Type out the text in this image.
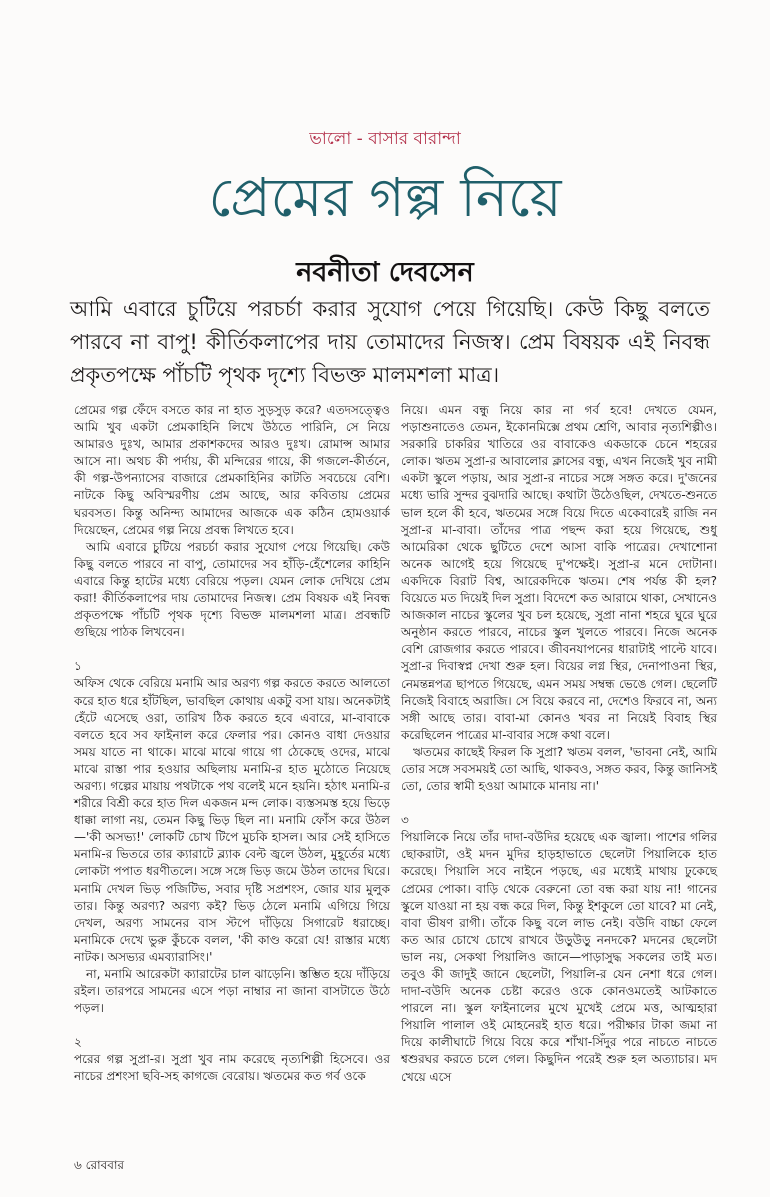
ভালো - বাসার বারান্দা
প্রেমের গল্প নিয়ে
নবনীতা দেবসেন
আমি এবারে চুটিয়ে পরচর্চা করার সুযোগ পেয়ে গিয়েছি। কেউ কিছু বলতে পারবে না বাপু! কীর্তিকলাপের দায় তোমাদের নিজস্ব। প্রেম বিষয়ক এই নিবন্ধ প্রকৃতপক্ষে পাঁচটি পৃথক দৃশ্যে বিভক্ত মালমশলা মাত্র।

প্রেমের গল্প ফেঁদে বসতে কার না হাত সুড়সুড় করে? এতদসত্ত্বেও আমি খুব একটা প্রেমকাহিনি লিখে উঠতে পারিনি, সে নিয়ে আমারও দুঃখ, আমার প্রকাশকদের আরও দুঃখ। রোমান্স আমার আসে না। অথচ কী পর্দায়, কী মন্দিরের গায়ে, কী গজলে-কীর্তনে, কী গল্প-উপন্যাসের বাজারে প্রেমকাহিনির কাটতি সবচেয়ে বেশি। নাটকে কিছু অবিস্মরণীয় প্রেম আছে, আর কবিতায় প্রেমের ঘরবসত। কিন্তু অনিন্দ্য আমাদের আজকে এক কঠিন হোমওয়ার্ক দিয়েছেন, প্রেমের গল্প নিয়ে প্রবন্ধ লিখতে হবে।

আমি এবারে চুটিয়ে পরচর্চা করার সুযোগ পেয়ে গিয়েছি। কেউ কিছু বলতে পারবে না বাপু, তোমাদের সব হাঁড়ি-হেঁশেলের কাহিনি এবারে কিন্তু হাটের মধ্যে বেরিয়ে পড়ল। যেমন লোক দেখিয়ে প্রেম করা! কীর্তিকলাপের দায় তোমাদের নিজস্ব। প্রেম বিষয়ক এই নিবন্ধ প্রকৃতপক্ষে পাঁচটি পৃথক দৃশ্যে বিভক্ত মালমশলা মাত্র। প্রবন্ধটি গুছিয়ে পাঠক লিখবেন।

১

অফিস থেকে বেরিয়ে মনামি আর অরণ্য গল্প করতে করতে আলতো করে হাত ধরে হাঁটছিল, ভাবছিল কোথায় একটু বসা যায়। অনেকটাই হেঁটে এসেছে ওরা, তারিখ ঠিক করতে হবে এবারে, মা-বাবাকে বলতে হবে সব ফাইনাল করে ফেলার পর। কোনও বাধা দেওয়ার সময় যাতে না থাকে। মাঝে মাঝে গায়ে গা ঠেকেছে ওদের, মাঝে মাঝে রাস্তা পার হওয়ার অছিলায় মনামি-র হাত মুঠোতে নিয়েছে অরণ্য। গল্পের মায়ায় পথটাকে পথ বলেই মনে হয়নি। হঠাৎ মনামি-র শরীরে বিশ্রী করে হাত দিল একজন মন্দ লোক। ব্যস্তসমস্ত হয়ে ভিড়ে ধাক্কা লাগা নয়, তেমন কিছু ভিড় ছিল না। মনামি ফোঁস করে উঠল—'কী অসভ্য!' লোকটি চোখ টিপে মুচকি হাসল। আর সেই হাসিতে মনামি-র ভিতরে তার ক্যারাটে ব্ল্যাক বেল্ট জ্বলে উঠল, মুহূর্তের মধ্যে লোকটা পপাত ধরণীতলে। সঙ্গে সঙ্গে ভিড় জমে উঠল তাদের ঘিরে। মনামি দেখল ভিড় পজিটিভ, সবার দৃষ্টি সপ্রশংস, জোর যার মুলুক তার। কিন্তু অরণ্য? অরণ্য কই? ভিড় ঠেলে মনামি এগিয়ে গিয়ে দেখল, অরণ্য সামনের বাস স্টপে দাঁড়িয়ে সিগারেট ধরাচ্ছে। মনামিকে দেখে ভুরু কুঁচকে বলল, 'কী কাণ্ড করো যে! রাস্তার মধ্যে নাটক। অসভ্যর এমব্যারাসিং।'

না, মনামি আরেকটা ক্যারাটের চাল ঝাড়েনি। স্তম্ভিত হয়ে দাঁড়িয়ে রইল। তারপরে সামনের এসে পড়া নাম্বার না জানা বাসটাতে উঠে পড়ল।

২

পরের গল্প সুপ্রা-র। সুপ্রা খুব নাম করেছে নৃত্যশিল্পী হিসেবে। ওর নাচের প্রশংসা ছবি-সহ কাগজে বেরোয়। ঋতমের কত গর্ব ওকে

নিয়ে। এমন বন্ধু নিয়ে কার না গর্ব হবে! দেখতে যেমন, পড়াশুনাতেও তেমন, ইকোনমিক্সে প্রথম শ্রেণি, আবার নৃত্যশিল্পীও। সরকারি চাকরির খাতিরে ওর বাবাকেও একডাকে চেনে শহরের লোক। ঋতম সুপ্রা-র আবালোর ক্লাসের বন্ধু, এখন নিজেই খুব নামী একটা স্কুলে পড়ায়, আর সুপ্রা-র নাচের সঙ্গে সঙ্গত করে। দু'জনের মধ্যে ভারি সুন্দর বুঝদারি আছে। কথাটা উঠেওছিল, দেখতে-শুনতে ভাল হলে কী হবে, ঋতমের সঙ্গে বিয়ে দিতে একেবারেই রাজি নন সুপ্রা-র মা-বাবা। তাঁদের পাত্র পছন্দ করা হয়ে গিয়েছে, শুধু আমেরিকা থেকে ছুটিতে দেশে আসা বাকি পাত্রের। দেখাশোনা অনেক আগেই হয়ে গিয়েছে দু'পক্ষেই। সুপ্রা-র মনে দোটানা। একদিকে বিরাট বিশ্ব, আরেকদিকে ঋতম। শেষ পর্যন্ত কী হল? বিয়েতে মত দিয়েই দিল সুপ্রা। বিদেশে কত আরামে থাকা, সেখানেও আজকাল নাচের স্কুলের খুব চল হয়েছে, সুপ্রা নানা শহরে ঘুরে ঘুরে অনুষ্ঠান করতে পারবে, নাচের স্কুল খুলতে পারবে। নিজে অনেক বেশি রোজগার করতে পারবে। জীবনযাপনের ধারাটাই পাল্টে যাবে। সুপ্রা-র দিবাস্বপ্ন দেখা শুরু হল। বিয়ের লগ্ন স্থির, দেনাপাওনা স্থির, নেমন্তন্নপত্র ছাপতে গিয়েছে, এমন সময় সম্বন্ধ ভেঙে গেল। ছেলেটি নিজেই বিবাহে অরাজি। সে বিয়ে করবে না, দেশেও ফিরবে না, অন্য সঙ্গী আছে তার। বাবা-মা কোনও খবর না নিয়েই বিবাহ স্থির করেছিলেন পাত্রের মা-বাবার সঙ্গে কথা বলে।

ঋতমের কাছেই ফিরল কি সুপ্রা? ঋতম বলল, 'ভাবনা নেই, আমি তোর সঙ্গে সবসময়ই তো আছি, থাকবও, সঙ্গত করব, কিন্তু জানিসই তো, তোর স্বামী হওয়া আমাকে মানায় না।'

৩

পিয়ালিকে নিয়ে তাঁর দাদা-বউদির হয়েছে এক জ্বালা। পাশের গলির ছোকরাটা, ওই মদন মুদির হাড়হাভাতে ছেলেটা পিয়ালিকে হাত করেছে। পিয়ালি সবে নাইনে পড়ছে, এর মধ্যেই মাথায় ঢুকেছে প্রেমের পোকা। বাড়ি থেকে বেরুনো তো বন্ধ করা যায় না! গানের স্কুলে যাওয়া না হয় বন্ধ করে দিল, কিন্তু ইশকুলে তো যাবে? মা নেই, বাবা ভীষণ রাগী। তাঁকে কিছু বলে লাভ নেই। বউদি বাচ্চা ফেলে কত আর চোখে চোখে রাখবে উড়ুউড়ু ননদকে? মদনের ছেলেটা ভাল নয়, সেকথা পিয়ালিও জানে—পাড়াসুদ্ধ সকলের তাই মত। তবুও কী জাদুই জানে ছেলেটা, পিয়ালি-র যেন নেশা ধরে গেল। দাদা-বউদি অনেক চেষ্টা করেও ওকে কোনওমতেই আটকাতে পারলে না। স্কুল ফাইনালের মুখে মুখেই প্রেমে মত্ত, আত্মহারা পিয়ালি পালাল ওই মোহনেরই হাত ধরে। পরীক্ষার টাকা জমা না দিয়ে কালীঘাটে গিয়ে বিয়ে করে শাঁখা-সিঁদুর পরে নাচতে নাচতে শ্বশুরঘর করতে চলে গেল। কিছুদিন পরেই শুরু হল অত্যাচার। মদ খেয়ে এসে

৬ রোববার
